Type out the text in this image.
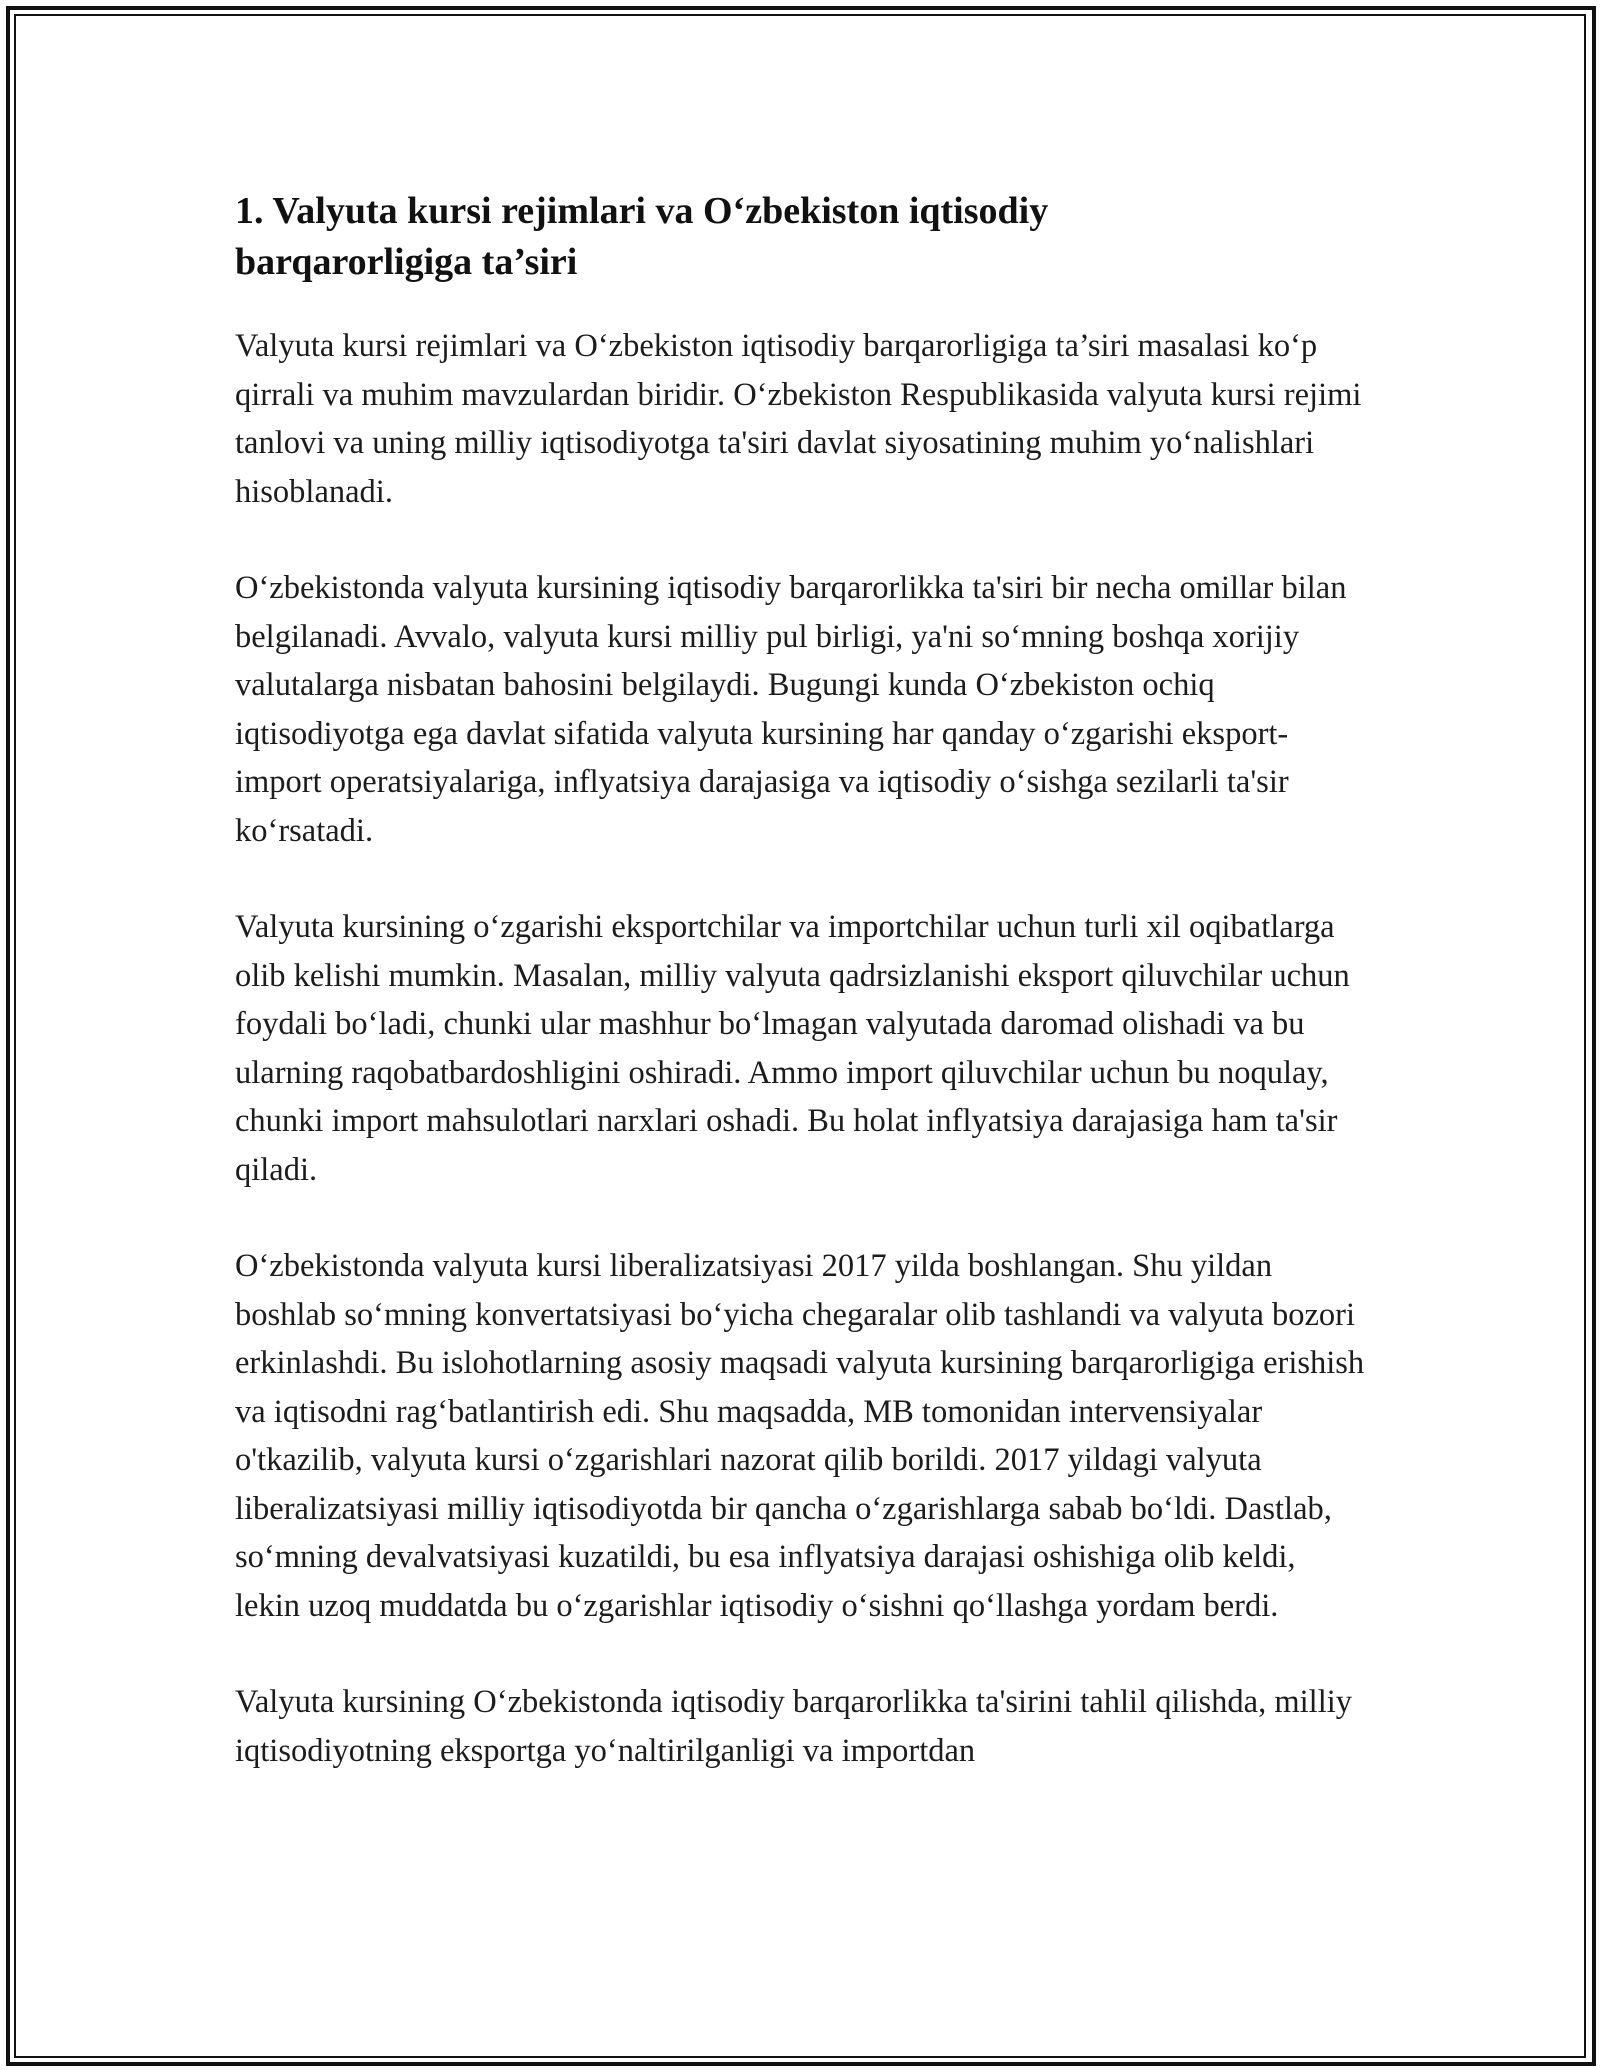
1. Valyuta kursi rejimlari va O‘zbekiston iqtisodiy barqarorligiga ta’siri

Valyuta kursi rejimlari va O‘zbekiston iqtisodiy barqarorligiga ta’siri masalasi ko‘p qirrali va muhim mavzulardan biridir. O‘zbekiston Respublikasida valyuta kursi rejimi tanlovi va uning milliy iqtisodiyotga ta'siri davlat siyosatining muhim yo‘nalishlari hisoblanadi.

O‘zbekistonda valyuta kursining iqtisodiy barqarorlikka ta'siri bir necha omillar bilan belgilanadi. Avvalo, valyuta kursi milliy pul birligi, ya'ni so‘mning boshqa xorijiy valutalarga nisbatan bahosini belgilaydi. Bugungi kunda O‘zbekiston ochiq iqtisodiyotga ega davlat sifatida valyuta kursining har qanday o‘zgarishi eksport-import operatsiyalariga, inflyatsiya darajasiga va iqtisodiy o‘sishga sezilarli ta'sir ko‘rsatadi.

Valyuta kursining o‘zgarishi eksportchilar va importchilar uchun turli xil oqibatlarga olib kelishi mumkin. Masalan, milliy valyuta qadrsizlanishi eksport qiluvchilar uchun foydali bo‘ladi, chunki ular mashhur bo‘lmagan valyutada daromad olishadi va bu ularning raqobatbardoshligini oshiradi. Ammo import qiluvchilar uchun bu noqulay, chunki import mahsulotlari narxlari oshadi. Bu holat inflyatsiya darajasiga ham ta'sir qiladi.

O‘zbekistonda valyuta kursi liberalizatsiyasi 2017 yilda boshlangan. Shu yildan boshlab so‘mning konvertatsiyasi bo‘yicha chegaralar olib tashlandi va valyuta bozori erkinlashdi. Bu islohotlarning asosiy maqsadi valyuta kursining barqarorligiga erishish va iqtisodni rag‘batlantirish edi. Shu maqsadda, MB tomonidan intervensiyalar o'tkazilib, valyuta kursi o‘zgarishlari nazorat qilib borildi. 2017 yildagi valyuta liberalizatsiyasi milliy iqtisodiyotda bir qancha o‘zgarishlarga sabab bo‘ldi. Dastlab, so‘mning devalvatsiyasi kuzatildi, bu esa inflyatsiya darajasi oshishiga olib keldi, lekin uzoq muddatda bu o‘zgarishlar iqtisodiy o‘sishni qo‘llashga yordam berdi.

Valyuta kursining O‘zbekistonda iqtisodiy barqarorlikka ta'sirini tahlil qilishda, milliy iqtisodiyotning eksportga yo‘naltirilganligi va importdan
